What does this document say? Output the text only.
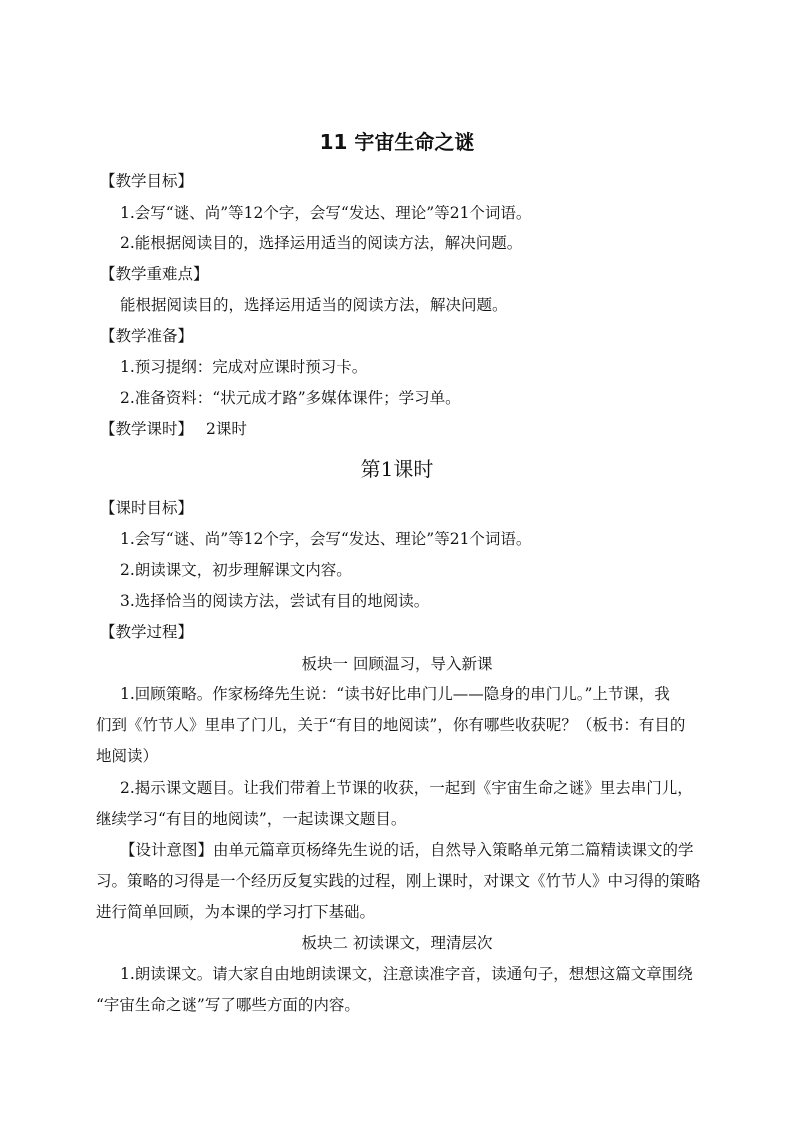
11 宇宙生命之谜
【教学目标】
1.会写“谜、尚”等12个字，会写“发达、理论”等21个词语。
2.能根据阅读目的，选择运用适当的阅读方法，解决问题。
【教学重难点】
能根据阅读目的，选择运用适当的阅读方法，解决问题。
【教学准备】
1.预习提纲：完成对应课时预习卡。
2.准备资料：“状元成才路”多媒体课件；学习单。
【教学课时】 2课时
第1课时
【课时目标】
1.会写“谜、尚”等12个字，会写“发达、理论”等21个词语。
2.朗读课文，初步理解课文内容。
3.选择恰当的阅读方法，尝试有目的地阅读。
【教学过程】
板块一 回顾温习，导入新课
1.回顾策略。作家杨绛先生说：“读书好比串门儿——隐身的串门儿。”上节课，我
们到《竹节人》里串了门儿，关于“有目的地阅读”，你有哪些收获呢？（板书：有目的
地阅读）
2.揭示课文题目。让我们带着上节课的收获，一起到《宇宙生命之谜》里去串门儿，
继续学习“有目的地阅读”，一起读课文题目。
【设计意图】由单元篇章页杨绛先生说的话，自然导入策略单元第二篇精读课文的学
习。策略的习得是一个经历反复实践的过程，刚上课时，对课文《竹节人》中习得的策略
进行简单回顾，为本课的学习打下基础。
板块二 初读课文，理清层次
1.朗读课文。请大家自由地朗读课文，注意读准字音，读通句子，想想这篇文章围绕
“宇宙生命之谜”写了哪些方面的内容。
